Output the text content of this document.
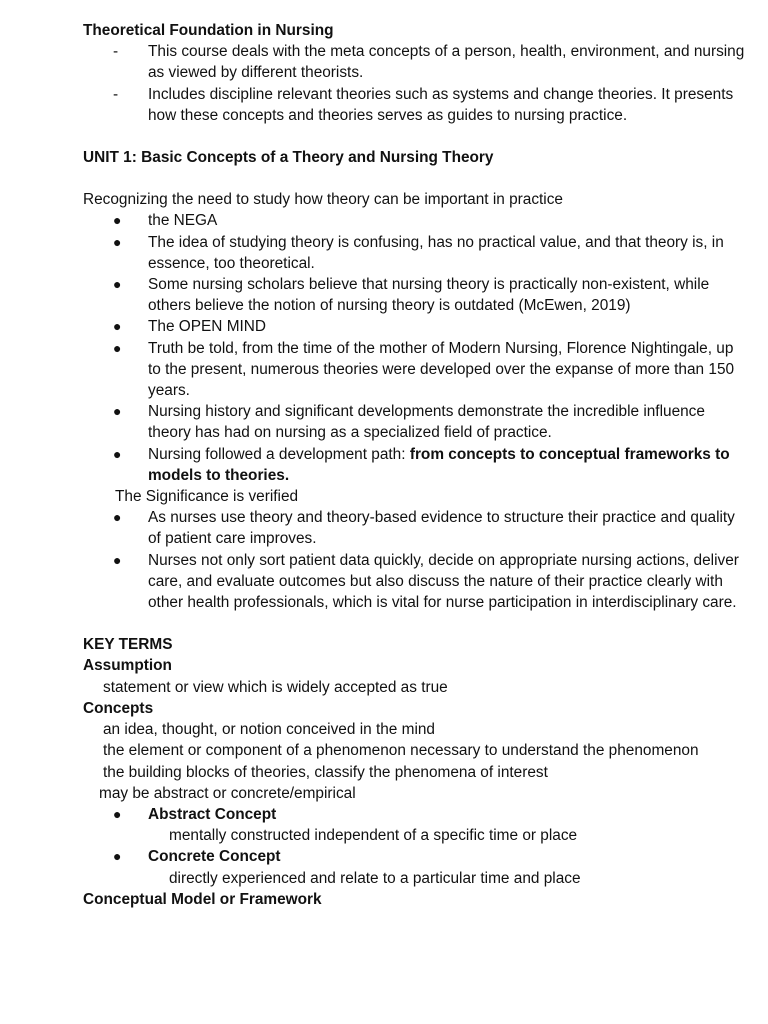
Theoretical Foundation in Nursing

-	This course deals with the meta concepts of a person, health, environment, and nursing as viewed by different theorists.
-	Includes discipline relevant theories such as systems and change theories. It presents how these concepts and theories serves as guides to nursing practice.

UNIT 1: Basic Concepts of a Theory and Nursing Theory

Recognizing the need to study how theory can be important in practice

●	the NEGA
●	The idea of studying theory is confusing, has no practical value, and that theory is, in essence, too theoretical.
●	Some nursing scholars believe that nursing theory is practically non-existent, while others believe the notion of nursing theory is outdated (McEwen, 2019)
●	The OPEN MIND
●	Truth be told, from the time of the mother of Modern Nursing, Florence Nightingale, up to the present, numerous theories were developed over the expanse of more than 150 years.
●	Nursing history and significant developments demonstrate the incredible influence theory has had on nursing as a specialized field of practice.
●	Nursing followed a development path: from concepts to conceptual frameworks to models to theories.

The Significance is verified

●	As nurses use theory and theory-based evidence to structure their practice and quality of patient care improves.
●	Nurses not only sort patient data quickly, decide on appropriate nursing actions, deliver care, and evaluate outcomes but also discuss the nature of their practice clearly with other health professionals, which is vital for nurse participation in interdisciplinary care.

KEY TERMS

Assumption

statement or view which is widely accepted as true

Concepts

an idea, thought, or notion conceived in the mind

the element or component of a phenomenon necessary to understand the phenomenon

the building blocks of theories, classify the phenomena of interest

may be abstract or concrete/empirical

●	Abstract Concept

mentally constructed independent of a specific time or place

●	Concrete Concept

directly experienced and relate to a particular time and place

Conceptual Model or Framework
